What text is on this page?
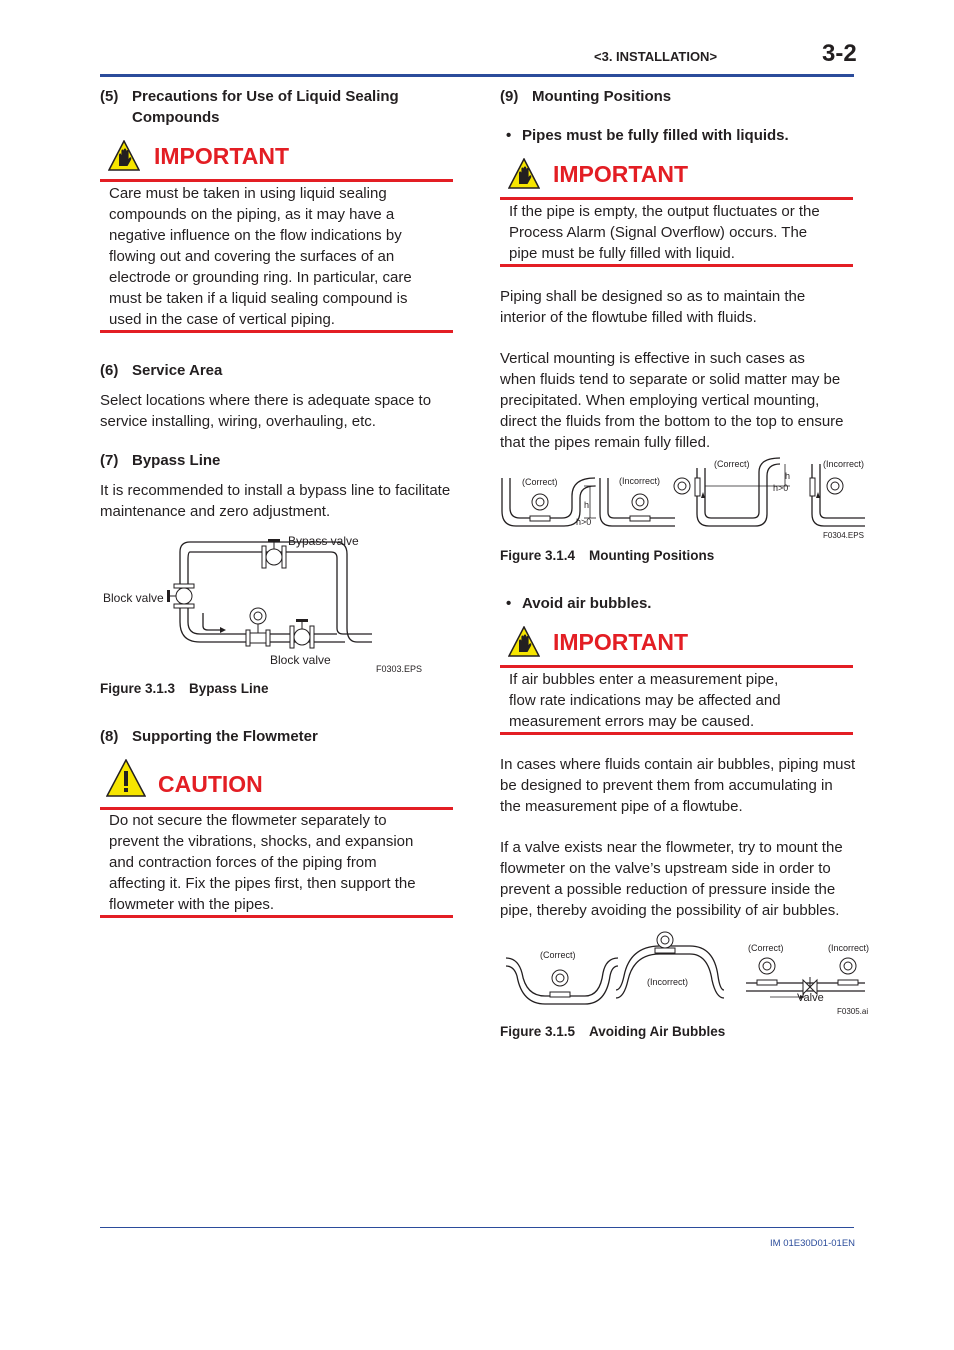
<3. INSTALLATION>	3-2
(5) Precautions for Use of Liquid Sealing
Compounds
IMPORTANT
Care must be taken in using liquid sealing
compounds on the piping, as it may have a
negative influence on the flow indications by
flowing out and covering the surfaces of an
electrode or grounding ring. In particular, care
must be taken if a liquid sealing compound is
used in the case of vertical piping.
(6) Service Area
Select locations where there is adequate space to
service installing, wiring, overhauling, etc.
(7) Bypass Line
It is recommended to install a bypass line to facilitate
maintenance and zero adjustment.
Bypass valve
Block valve
Block valve
F0303.EPS
Figure 3.1.3 Bypass Line
(8) Supporting the Flowmeter
CAUTION
Do not secure the flowmeter separately to
prevent the vibrations, shocks, and expansion
and contraction forces of the piping from
affecting it. Fix the pipes first, then support the
flowmeter with the pipes.
(9) Mounting Positions
• Pipes must be fully filled with liquids.
IMPORTANT
If the pipe is empty, the output fluctuates or the
Process Alarm (Signal Overflow) occurs. The
pipe must be fully filled with liquid.
Piping shall be designed so as to maintain the
interior of the flowtube filled with fluids.
Vertical mounting is effective in such cases as
when fluids tend to separate or solid matter may be
precipitated. When employing vertical mounting,
direct the fluids from the bottom to the top to ensure
that the pipes remain fully filled.
(Correct)	(Incorrect)
(Correct)	(Incorrect)
h
h>0
h
h>0
F0304.EPS
Figure 3.1.4 Mounting Positions
• Avoid air bubbles.
IMPORTANT
If air bubbles enter a measurement pipe,
flow rate indications may be affected and
measurement errors may be caused.
In cases where fluids contain air bubbles, piping must
be designed to prevent them from accumulating in
the measurement pipe of a flowtube.
If a valve exists near the flowmeter, try to mount the
flowmeter on the valve’s upstream side in order to
prevent a possible reduction of pressure inside the
pipe, thereby avoiding the possibility of air bubbles.
(Correct)
(Incorrect)
(Correct)	(Incorrect)
Valve
F0305.ai
Figure 3.1.5 Avoiding Air Bubbles
IM 01E30D01-01EN
